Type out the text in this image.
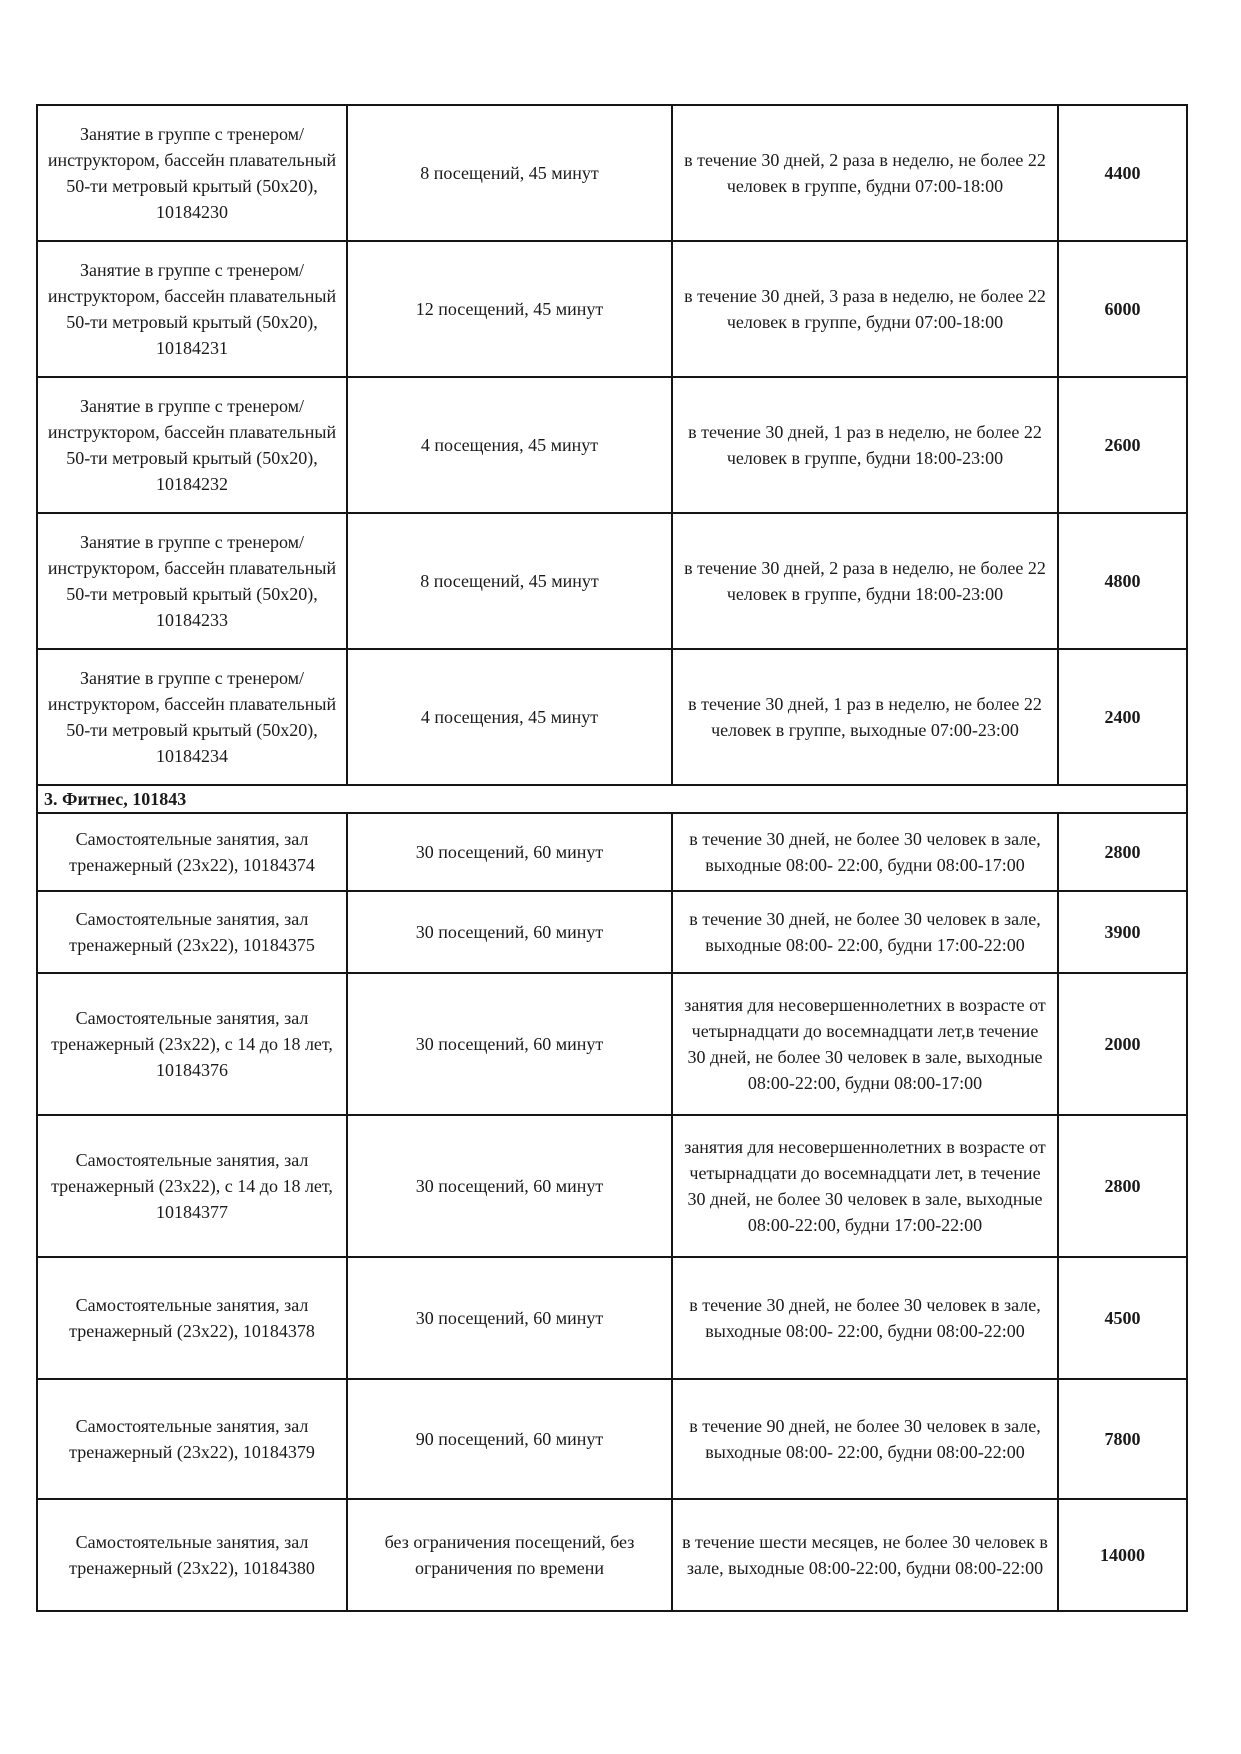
Занятие в группе с тренером/инструктором, бассейн плавательный 50-ти метровый крытый (50х20), 10184230	8 посещений, 45 минут	в течение 30 дней, 2 раза в неделю, не более 22 человек в группе, будни 07:00-18:00	4400
Занятие в группе с тренером/инструктором, бассейн плавательный 50-ти метровый крытый (50х20), 10184231	12 посещений, 45 минут	в течение 30 дней, 3 раза в неделю, не более 22 человек в группе, будни 07:00-18:00	6000
Занятие в группе с тренером/инструктором, бассейн плавательный 50-ти метровый крытый (50х20), 10184232	4 посещения, 45 минут	в течение 30 дней, 1 раз в неделю, не более 22 человек в группе, будни 18:00-23:00	2600
Занятие в группе с тренером/инструктором, бассейн плавательный 50-ти метровый крытый (50х20), 10184233	8 посещений, 45 минут	в течение 30 дней, 2 раза в неделю, не более 22 человек в группе, будни 18:00-23:00	4800
Занятие в группе с тренером/инструктором, бассейн плавательный 50-ти метровый крытый (50х20), 10184234	4 посещения, 45 минут	в течение 30 дней, 1 раз в неделю, не более 22 человек в группе, выходные 07:00-23:00	2400
3. Фитнес, 101843			
Самостоятельные занятия, зал тренажерный (23х22), 10184374	30 посещений, 60 минут	в течение 30 дней, не более 30 человек в зале, выходные 08:00- 22:00, будни 08:00-17:00	2800
Самостоятельные занятия, зал тренажерный (23х22), 10184375	30 посещений, 60 минут	в течение 30 дней, не более 30 человек в зале, выходные 08:00- 22:00, будни 17:00-22:00	3900
Самостоятельные занятия, зал тренажерный (23х22), с 14 до 18 лет, 10184376	30 посещений, 60 минут	занятия для несовершеннолетних в возрасте от четырнадцати до восемнадцати лет,в течение 30 дней, не более 30 человек в зале, выходные 08:00-22:00, будни 08:00-17:00	2000
Самостоятельные занятия, зал тренажерный (23х22), с 14 до 18 лет, 10184377	30 посещений, 60 минут	занятия для несовершеннолетних в возрасте от четырнадцати до восемнадцати лет, в течение 30 дней, не более 30 человек в зале, выходные 08:00-22:00, будни 17:00-22:00	2800
Самостоятельные занятия, зал тренажерный (23х22), 10184378	30 посещений, 60 минут	в течение 30 дней, не более 30 человек в зале, выходные 08:00- 22:00, будни 08:00-22:00	4500
Самостоятельные занятия, зал тренажерный (23х22), 10184379	90 посещений, 60 минут	в течение 90 дней, не более 30 человек в зале, выходные 08:00- 22:00, будни 08:00-22:00	7800
Самостоятельные занятия, зал тренажерный (23х22), 10184380	без ограничения посещений, без ограничения по времени	в течение шести месяцев, не более 30 человек в зале, выходные 08:00-22:00, будни 08:00-22:00	14000
